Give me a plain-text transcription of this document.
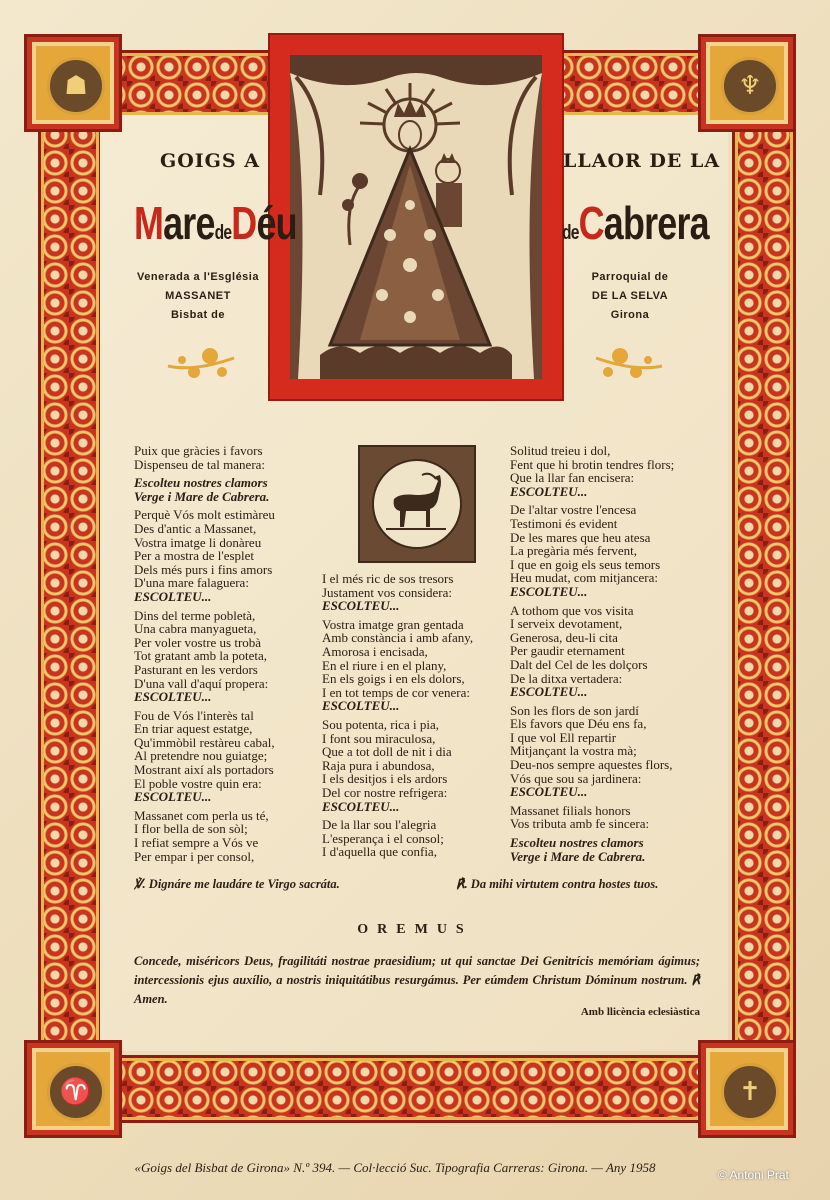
☗	♆
♈	✝
GOIGS A	LLAOR DE LA
MaredeDéu	deCabrera
Venerada a l'Església
MASSANET
Bisbat de
Parroquial de
DE LA SELVA
Girona
Puix que gràcies i favors
Dispenseu de tal manera:
Escolteu nostres clamors
Verge i Mare de Cabrera.
Perquè Vós molt estimàreu
Des d'antic a Massanet,
Vostra imatge li donàreu
Per a mostra de l'esplet
Dels més purs i fins amors
D'una mare falaguera:
ESCOLTEU...
Dins del terme pobletà,
Una cabra manyagueta,
Per voler vostre us trobà
Tot gratant amb la poteta,
Pasturant en les verdors
D'una vall d'aquí propera:
ESCOLTEU...
Fou de Vós l'interès tal
En triar aquest estatge,
Qu'immòbil restàreu cabal,
Al pretendre nou guiatge;
Mostrant així als portadors
El poble vostre quin era:
ESCOLTEU...
Massanet com perla us té,
I flor bella de son sòl;
I refiat sempre a Vós ve
Per empar i per consol,
I el més ric de sos tresors
Justament vos considera:
ESCOLTEU...
Vostra imatge gran gentada
Amb constància i amb afany,
Amorosa i encisada,
En el riure i en el plany,
En els goigs i en els dolors,
I en tot temps de cor venera:
ESCOLTEU...
Sou potenta, rica i pia,
I font sou miraculosa,
Que a tot doll de nit i dia
Raja pura i abundosa,
I els desitjos i els ardors
Del cor nostre refrigera:
ESCOLTEU...
De la llar sou l'alegria
L'esperança i el consol;
I d'aquella que confia,
Solitud treieu i dol,
Fent que hi brotin tendres flors;
Que la llar fan encisera:
ESCOLTEU...
De l'altar vostre l'encesa
Testimoni és evident
De les mares que heu atesa
La pregària més fervent,
I que en goig els seus temors
Heu mudat, com mitjancera:
ESCOLTEU...
A tothom que vos visita
I serveix devotament,
Generosa, deu-li cita
Per gaudir eternament
Dalt del Cel de les dolçors
De la ditxa vertadera:
ESCOLTEU...
Son les flors de son jardí
Els favors que Déu ens fa,
I que vol Ell repartir
Mitjançant la vostra mà;
Deu-nos sempre aquestes flors,
Vós que sou sa jardinera:
ESCOLTEU...
Massanet filials honors
Vos tributa amb fe sincera:
Escolteu nostres clamors
Verge i Mare de Cabrera.
℣. Dignáre me laudáre te Virgo sacráta.	℟. Da mihi virtutem contra hostes tuos.
OREMUS
Concede, miséricors Deus, fragilitáti nostrae praesidium; ut qui sanctae Dei Genitrícis memóriam ágimus; intercessionis ejus auxílio, a nostris iniquitátibus resurgámus. Per eúmdem Christum Dóminum nostrum. ℟ Amen.
Amb llicència eclesiàstica
«Goigs del Bisbat de Girona» N.º 394. — Col·lecció Suc. Tipografia Carreras: Girona. — Any 1958	© Antoni Prat
